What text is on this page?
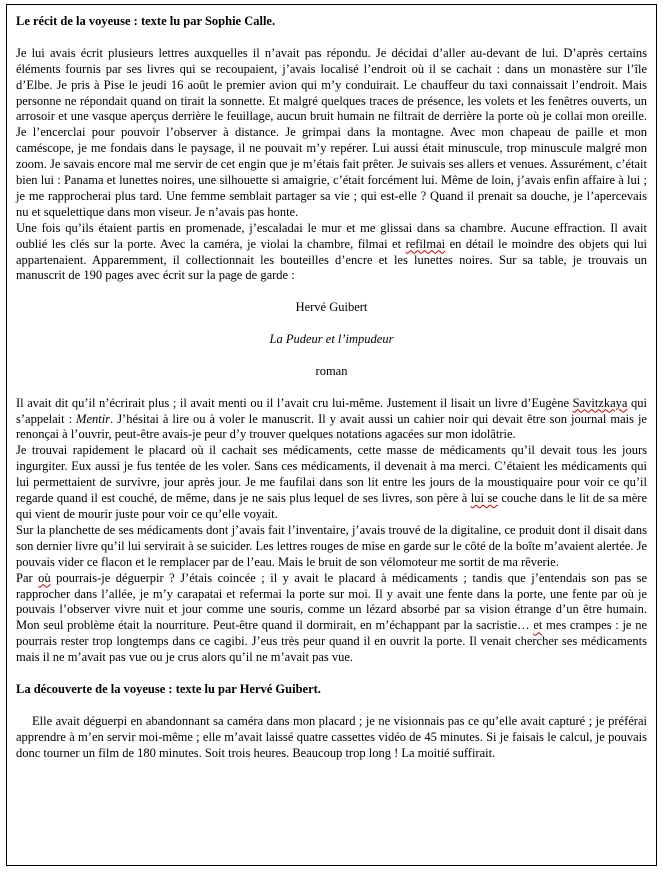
Le récit de la voyeuse : texte lu par Sophie Calle.

Je lui avais écrit plusieurs lettres auxquelles il n’avait pas répondu. Je décidai d’aller au-devant de lui. D’après certains éléments fournis par ses livres qui se recoupaient, j’avais localisé l’endroit où il se cachait : dans un monastère sur l’île d’Elbe. Je pris à Pise le jeudi 16 août le premier avion qui m’y conduirait. Le chauffeur du taxi connaissait l’endroit. Mais personne ne répondait quand on tirait la sonnette. Et malgré quelques traces de présence, les volets et les fenêtres ouverts, un arrosoir et une vasque aperçus derrière le feuillage, aucun bruit humain ne filtrait de derrière la porte où je collai mon oreille. Je l’encerclai pour pouvoir l’observer à distance. Je grimpai dans la montagne. Avec mon chapeau de paille et mon caméscope, je me fondais dans le paysage, il ne pouvait m’y repérer. Lui aussi était minuscule, trop minuscule malgré mon zoom. Je savais encore mal me servir de cet engin que je m’étais fait prêter. Je suivais ses allers et venues. Assurément, c’était bien lui : Panama et lunettes noires, une silhouette si amaigrie, c’était forcément lui. Même de loin, j’avais enfin affaire à lui ; je me rapprocherai plus tard. Une femme semblait partager sa vie ; qui est-elle ? Quand il prenait sa douche, je l’apercevais nu et squelettique dans mon viseur. Je n’avais pas honte.

Une fois qu’ils étaient partis en promenade, j’escaladai le mur et me glissai dans sa chambre. Aucune effraction. Il avait oublié les clés sur la porte. Avec la caméra, je violai la chambre, filmai et refilmai en détail le moindre des objets qui lui appartenaient. Apparemment, il collectionnait les bouteilles d’encre et les lunettes noires. Sur sa table, je trouvais un manuscrit de 190 pages avec écrit sur la page de garde :

Hervé Guibert

La Pudeur et l’impudeur

roman

Il avait dit qu’il n’écrirait plus ; il avait menti ou il l’avait cru lui-même. Justement il lisait un livre d’Eugène Savitzkaya qui s’appelait : Mentir. J’hésitai à lire ou à voler le manuscrit. Il y avait aussi un cahier noir qui devait être son journal mais je renonçai à l’ouvrir, peut-être avais-je peur d’y trouver quelques notations agacées sur mon idolâtrie.

Je trouvai rapidement le placard où il cachait ses médicaments, cette masse de médicaments qu’il devait tous les jours ingurgiter. Eux aussi je fus tentée de les voler. Sans ces médicaments, il devenait à ma merci. C’étaient les médicaments qui lui permettaient de survivre, jour après jour. Je me faufilai dans son lit entre les jours de la moustiquaire pour voir ce qu’il regarde quand il est couché, de même, dans je ne sais plus lequel de ses livres, son père à lui se couche dans le lit de sa mère qui vient de mourir juste pour voir ce qu’elle voyait.

Sur la planchette de ses médicaments dont j’avais fait l’inventaire, j’avais trouvé de la digitaline, ce produit dont il disait dans son dernier livre qu’il lui servirait à se suicider. Les lettres rouges de mise en garde sur le côté de la boîte m’avaient alertée. Je pouvais vider ce flacon et le remplacer par de l’eau. Mais le bruit de son vélomoteur me sortit de ma rêverie.

Par où pourrais-je déguerpir ? J’étais coincée ; il y avait le placard à médicaments ; tandis que j’entendais son pas se rapprocher dans l’allée, je m’y carapatai et refermai la porte sur moi. Il y avait une fente dans la porte, une fente par où je pouvais l’observer vivre nuit et jour comme une souris, comme un lézard absorbé par sa vision étrange d’un être humain. Mon seul problème était la nourriture. Peut-être quand il dormirait, en m’échappant par la sacristie… et mes crampes : je ne pourrais rester trop longtemps dans ce cagibi. J’eus très peur quand il en ouvrit la porte. Il venait chercher ses médicaments mais il ne m’avait pas vue ou je crus alors qu’il ne m’avait pas vue.

La découverte de la voyeuse : texte lu par Hervé Guibert.

Elle avait déguerpi en abandonnant sa caméra dans mon placard ; je ne visionnais pas ce qu’elle avait capturé ; je préférai apprendre à m’en servir moi-même ; elle m’avait laissé quatre cassettes vidéo de 45 minutes. Si je faisais le calcul, je pouvais donc tourner un film de 180 minutes. Soit trois heures. Beaucoup trop long ! La moitié suffirait.
